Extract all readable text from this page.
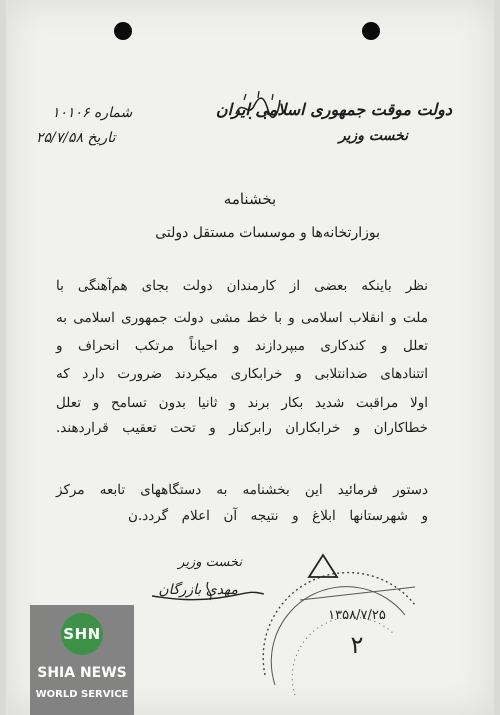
دولت موقت جمهوری اسلامی ایران
نخست وزیر
شماره ۱۰۱۰۶
تاریخ ۲۵/۷/۵۸
بخشنامه
بوزارتخانه‌ها و موسسات مستقل دولتی
نظر باینکه بعضی از کارمندان دولت بجای هم‌آهنگی با
ملت و انقلاب اسلامی و با خط مشی دولت جمهوری اسلامی به
تعلل و کندکاری مبپردازند و احیاناً مرتکب انحراف و
اتتنادهای ضدانتلابی و خرابکاری میکردند ضرورت دارد که
اولا مراقبت شدید بکار برند و ثانیا بدون تسامح و تعلل
خطاکاران و خرابکاران رابرکنار و تحت تعقیب قراردهند.
دستور فرمائید این بخشنامه به دستگاههای تابعه مرکز
و شهرستانها ابلاغ و نتیجه آن اعلام گردد.ن
نخست وزیر
مهدی بازرگان
۱۳۵۸/۷/۲۵
۲
SHN
SHIA NEWS
WORLD SERVICE
